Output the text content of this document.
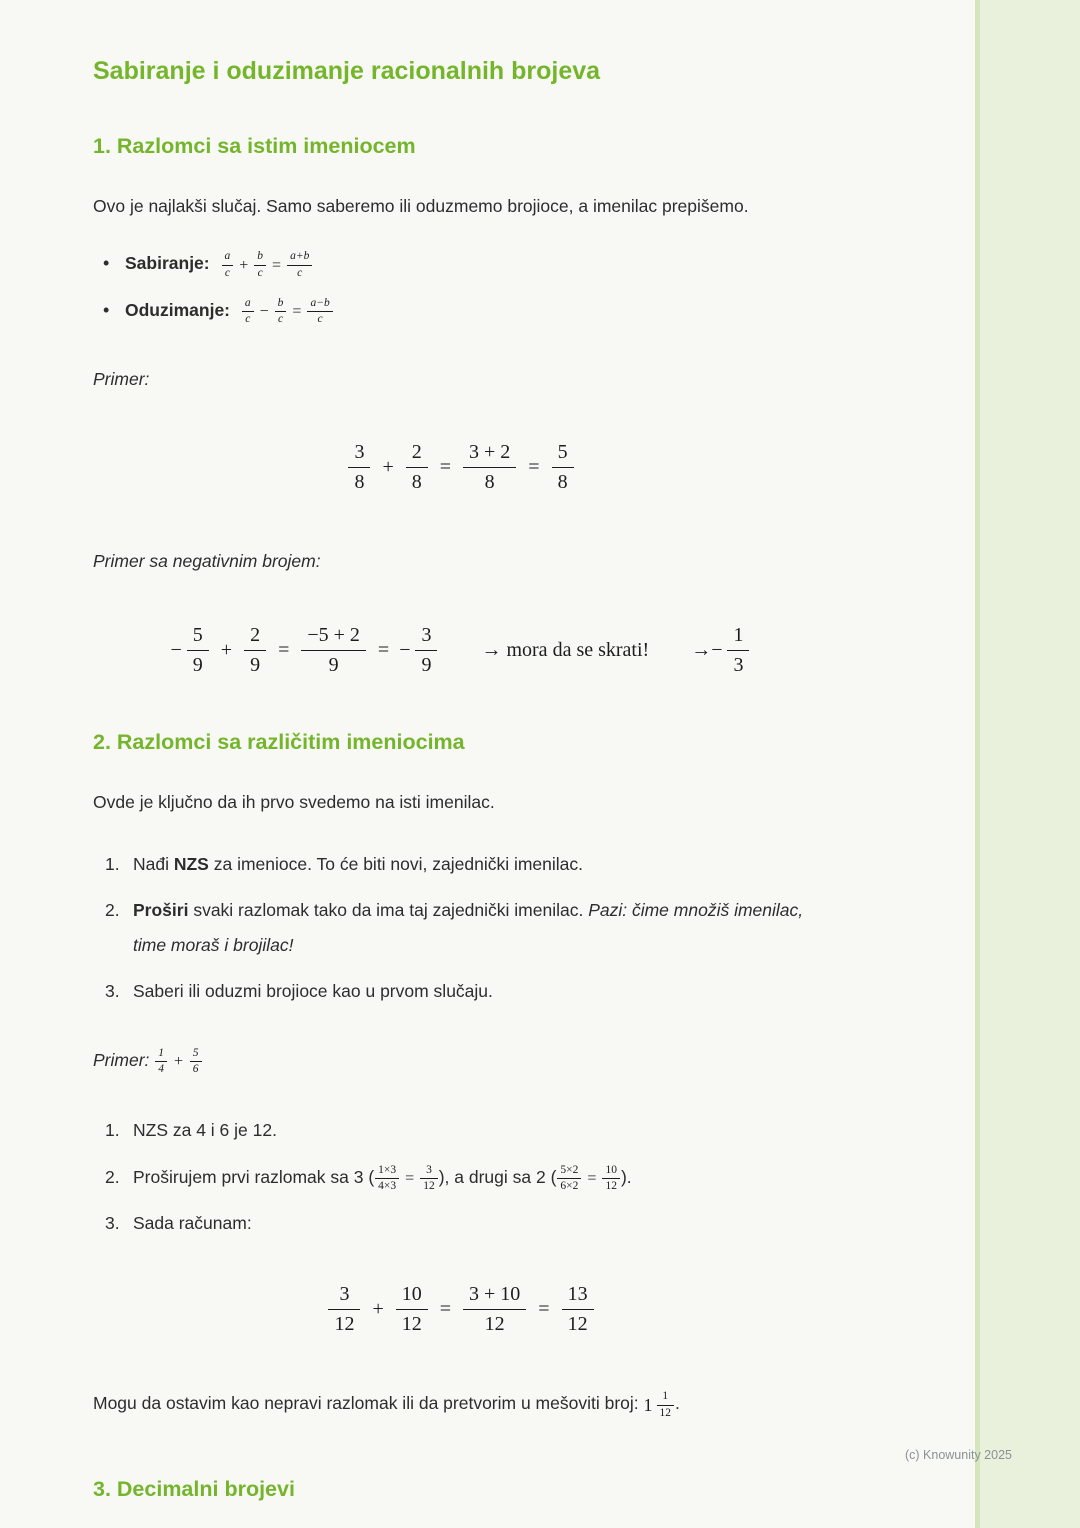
Sabiranje i oduzimanje racionalnih brojeva
1. Razlomci sa istim imeniocem

Ovo je najlakši slučaj. Samo saberemo ili oduzmemo brojioce, a imenilac prepišemo.

• Sabiranje: $\frac{a}{c} + \frac{b}{c} = \frac{a+b}{c}$
• Oduzimanje: $\frac{a}{c} - \frac{b}{c} = \frac{a-b}{c}$

Primer:

$\frac{3}{8} + \frac{2}{8} = \frac{3 + 2}{8} = \frac{5}{8}$

Primer sa negativnim brojem:

− $\frac{5}{9} + \frac{2}{9} = \frac{-5 + 2}{9}$ = − $\frac{3}{9}$ → mora da se skrati! →− $\frac{1}{3}$
2. Razlomci sa različitim imeniocima

Ovde je ključno da ih prvo svedemo na isti imenilac.

1. Nađi NZS za imenioce. To će biti novi, zajednički imenilac.
2. Proširi svaki razlomak tako da ima taj zajednički imenilac. Pazi: čime množiš imenilac, time moraš i brojilac!
3. Saberi ili oduzmi brojioce kao u prvom slučaju.

Primer: $\frac{1}{4} + \frac{5}{6}$

1. NZS za 4 i 6 je 12.
2. Proširujem prvi razlomak sa 3 ( $\frac{1\times 3}{4\times 3} = \frac{3}{12}$ ), a drugi sa 2 ( $\frac{5\times 2}{6\times 2} = \frac{10}{12}$ ).
3. Sada računam:
$\frac{3}{12} + \frac{10}{12} = \frac{3 + 10}{12} = \frac{13}{12}$

Mogu da ostavim kao nepravi razlomak ili da pretvorim u mešoviti broj: $1 \frac{1}{12}$ .

3. Decimalni brojevi
(c) Knowunity 2025
